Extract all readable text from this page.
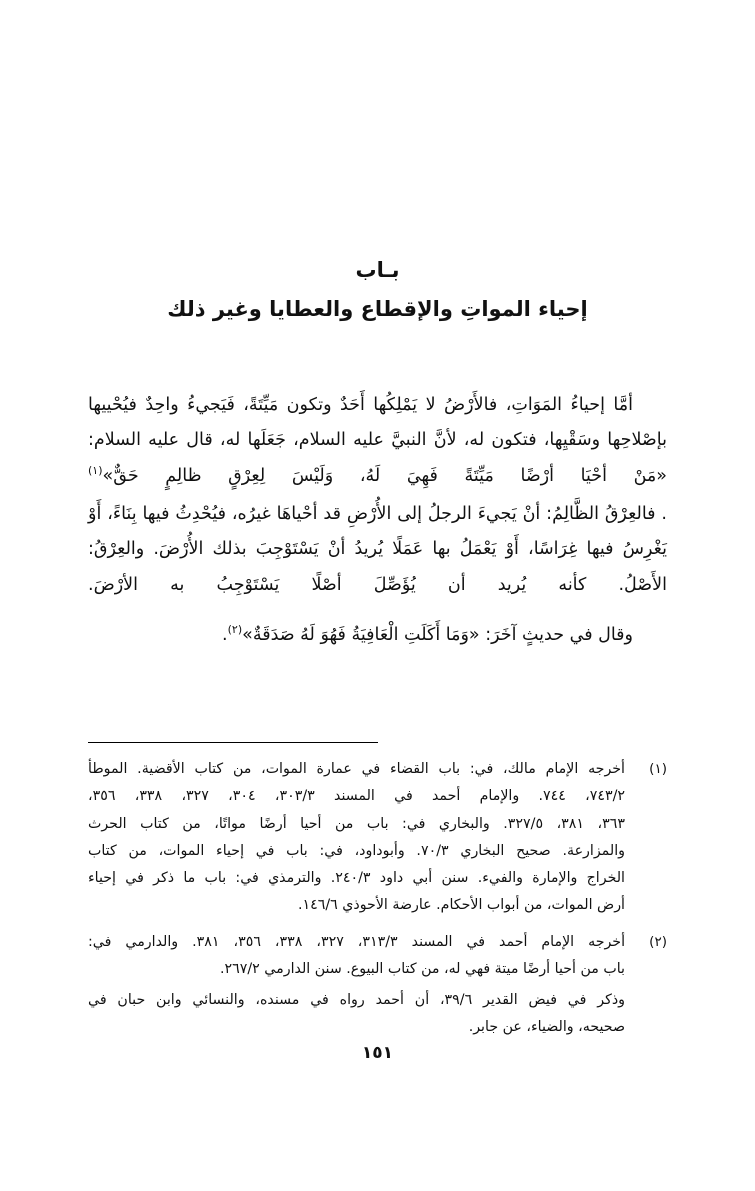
بـاب
إحياء المواتِ والإقطاع والعطايا وغير ذلك

أمَّا إحياءُ المَوَاتِ، فالأَرْضُ لا يَمْلِكُها أَحَدٌ وتكون مَيِّتَةً، فَيَجيءُ واحِدٌ فيُحْييها بإصْلاحِها وسَقْيِها، فتكون له، لأنَّ النبيَّ عليه السلام، جَعَلَها له، قال عليه السلام: «مَنْ أحْيَا أرْضًا مَيِّتَةً فَهِيَ لَهُ، وَلَيْسَ لِعِرْقٍ ظالِمٍ حَقٌّ»$^{(١)}$

. فالعِرْقُ الظَّالِمُ: أنْ يَجيءَ الرجلُ إلى الأُرْضِ قد أحْياهَا غيرُه، فيُحْدِثُ فيها بِنَاءً، أَوْ يَغْرِسُ فيها غِرَاسًا، أَوْ يَعْمَلُ بها عَمَلًا يُريدُ أنْ يَسْتَوْجِبَ بذلك الأُرْضَ. والعِرْقُ: الأَصْلُ. كأنه يُريد أن يُؤَصِّلَ أصْلًا يَسْتَوْجِبُ به الأرْضَ.

وقال في حديثٍ آخَرَ: «وَمَا أَكَلَتِ الْعَافِيَةُ فَهُوَ لَهُ صَدَقَةٌ»$^{(٢)}$.

(١)
أخرجه الإمام مالك، في: باب القضاء في عمارة الموات، من كتاب الأقضية. الموطأ
٧٤٣/٢، ٧٤٤. والإمام أحمد في المسند ٣٠٣/٣، ٣٠٤، ٣٢٧، ٣٣٨، ٣٥٦،
٣٦٣، ٣٨١، ٣٢٧/٥. والبخاري في: باب من أحيا أرضًا مواتًا، من كتاب الحرث
والمزارعة. صحيح البخاري ٧٠/٣. وأبوداود، في: باب في إحياء الموات، من كتاب
الخراج والإمارة والفيء. سنن أبي داود ٢٤٠/٣. والترمذي في: باب ما ذكر في إحياء
أرض الموات، من أبواب الأحكام. عارضة الأحوذي ١٤٦/٦.
(٢)
أخرجه الإمام أحمد في المسند ٣١٣/٣، ٣٢٧، ٣٣٨، ٣٥٦، ٣٨١. والدارمي في:
باب من أحيا أرضًا ميتة فهي له، من كتاب البيوع. سنن الدارمي ٢٦٧/٢.
وذكر في فيض القدير ٣٩/٦، أن أحمد رواه في مسنده، والنسائي وابن حبان في
صحيحه، والضياء، عن جابر.
١٥١
